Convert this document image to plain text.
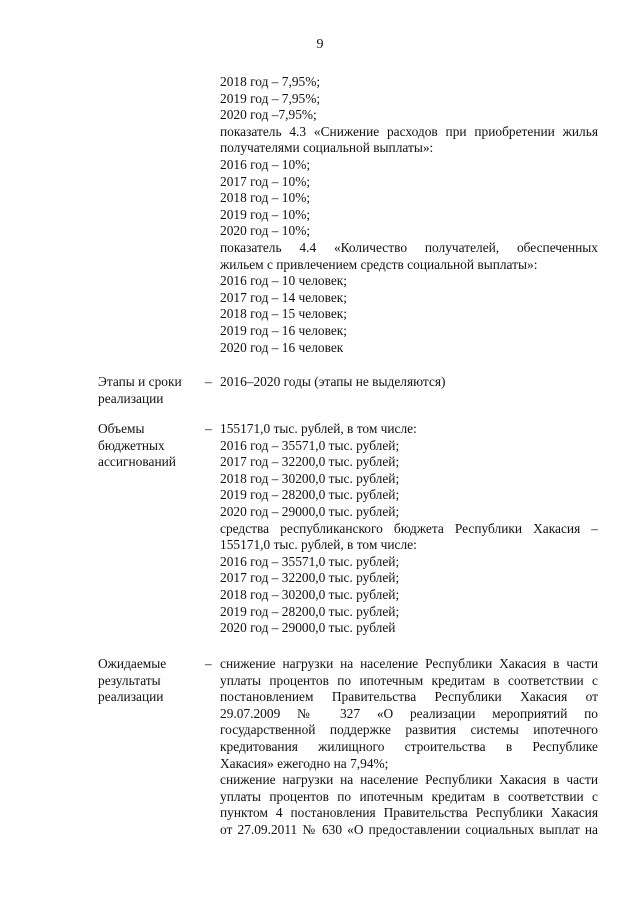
9
2018 год – 7,95%;
2019 год – 7,95%;
2020 год –7,95%;
показатель 4.3 «Снижение расходов при приобретении жилья
получателями социальной выплаты»:
2016 год – 10%;
2017 год – 10%;
2018 год – 10%;
2019 год – 10%;
2020 год – 10%;
показатель 4.4 «Количество получателей, обеспеченных
жильем с привлечением средств социальной выплаты»:
2016 год – 10 человек;
2017 год – 14 человек;
2018 год – 15 человек;
2019 год – 16 человек;
2020 год – 16 человек
Этапы и сроки
реализации
– 2016–2020 годы (этапы не выделяются)
Объемы
бюджетных
ассигнований
– 155171,0 тыс. рублей, в том числе:
2016 год – 35571,0 тыс. рублей;
2017 год – 32200,0 тыс. рублей;
2018 год – 30200,0 тыс. рублей;
2019 год – 28200,0 тыс. рублей;
2020 год – 29000,0 тыс. рублей;
средства республиканского бюджета Республики Хакасия –
155171,0 тыс. рублей, в том числе:
2016 год – 35571,0 тыс. рублей;
2017 год – 32200,0 тыс. рублей;
2018 год – 30200,0 тыс. рублей;
2019 год – 28200,0 тыс. рублей;
2020 год – 29000,0 тыс. рублей
Ожидаемые
результаты
реализации
– снижение нагрузки на население Республики Хакасия в части
уплаты процентов по ипотечным кредитам в соответствии с
постановлением Правительства Республики Хакасия от
29.07.2009 № 327 «О реализации мероприятий по
государственной поддержке развития системы ипотечного
кредитования жилищного строительства в Республике
Хакасия» ежегодно на 7,94%;
снижение нагрузки на население Республики Хакасия в части
уплаты процентов по ипотечным кредитам в соответствии с
пунктом 4 постановления Правительства Республики Хакасия
от 27.09.2011 № 630 «О предоставлении социальных выплат на
